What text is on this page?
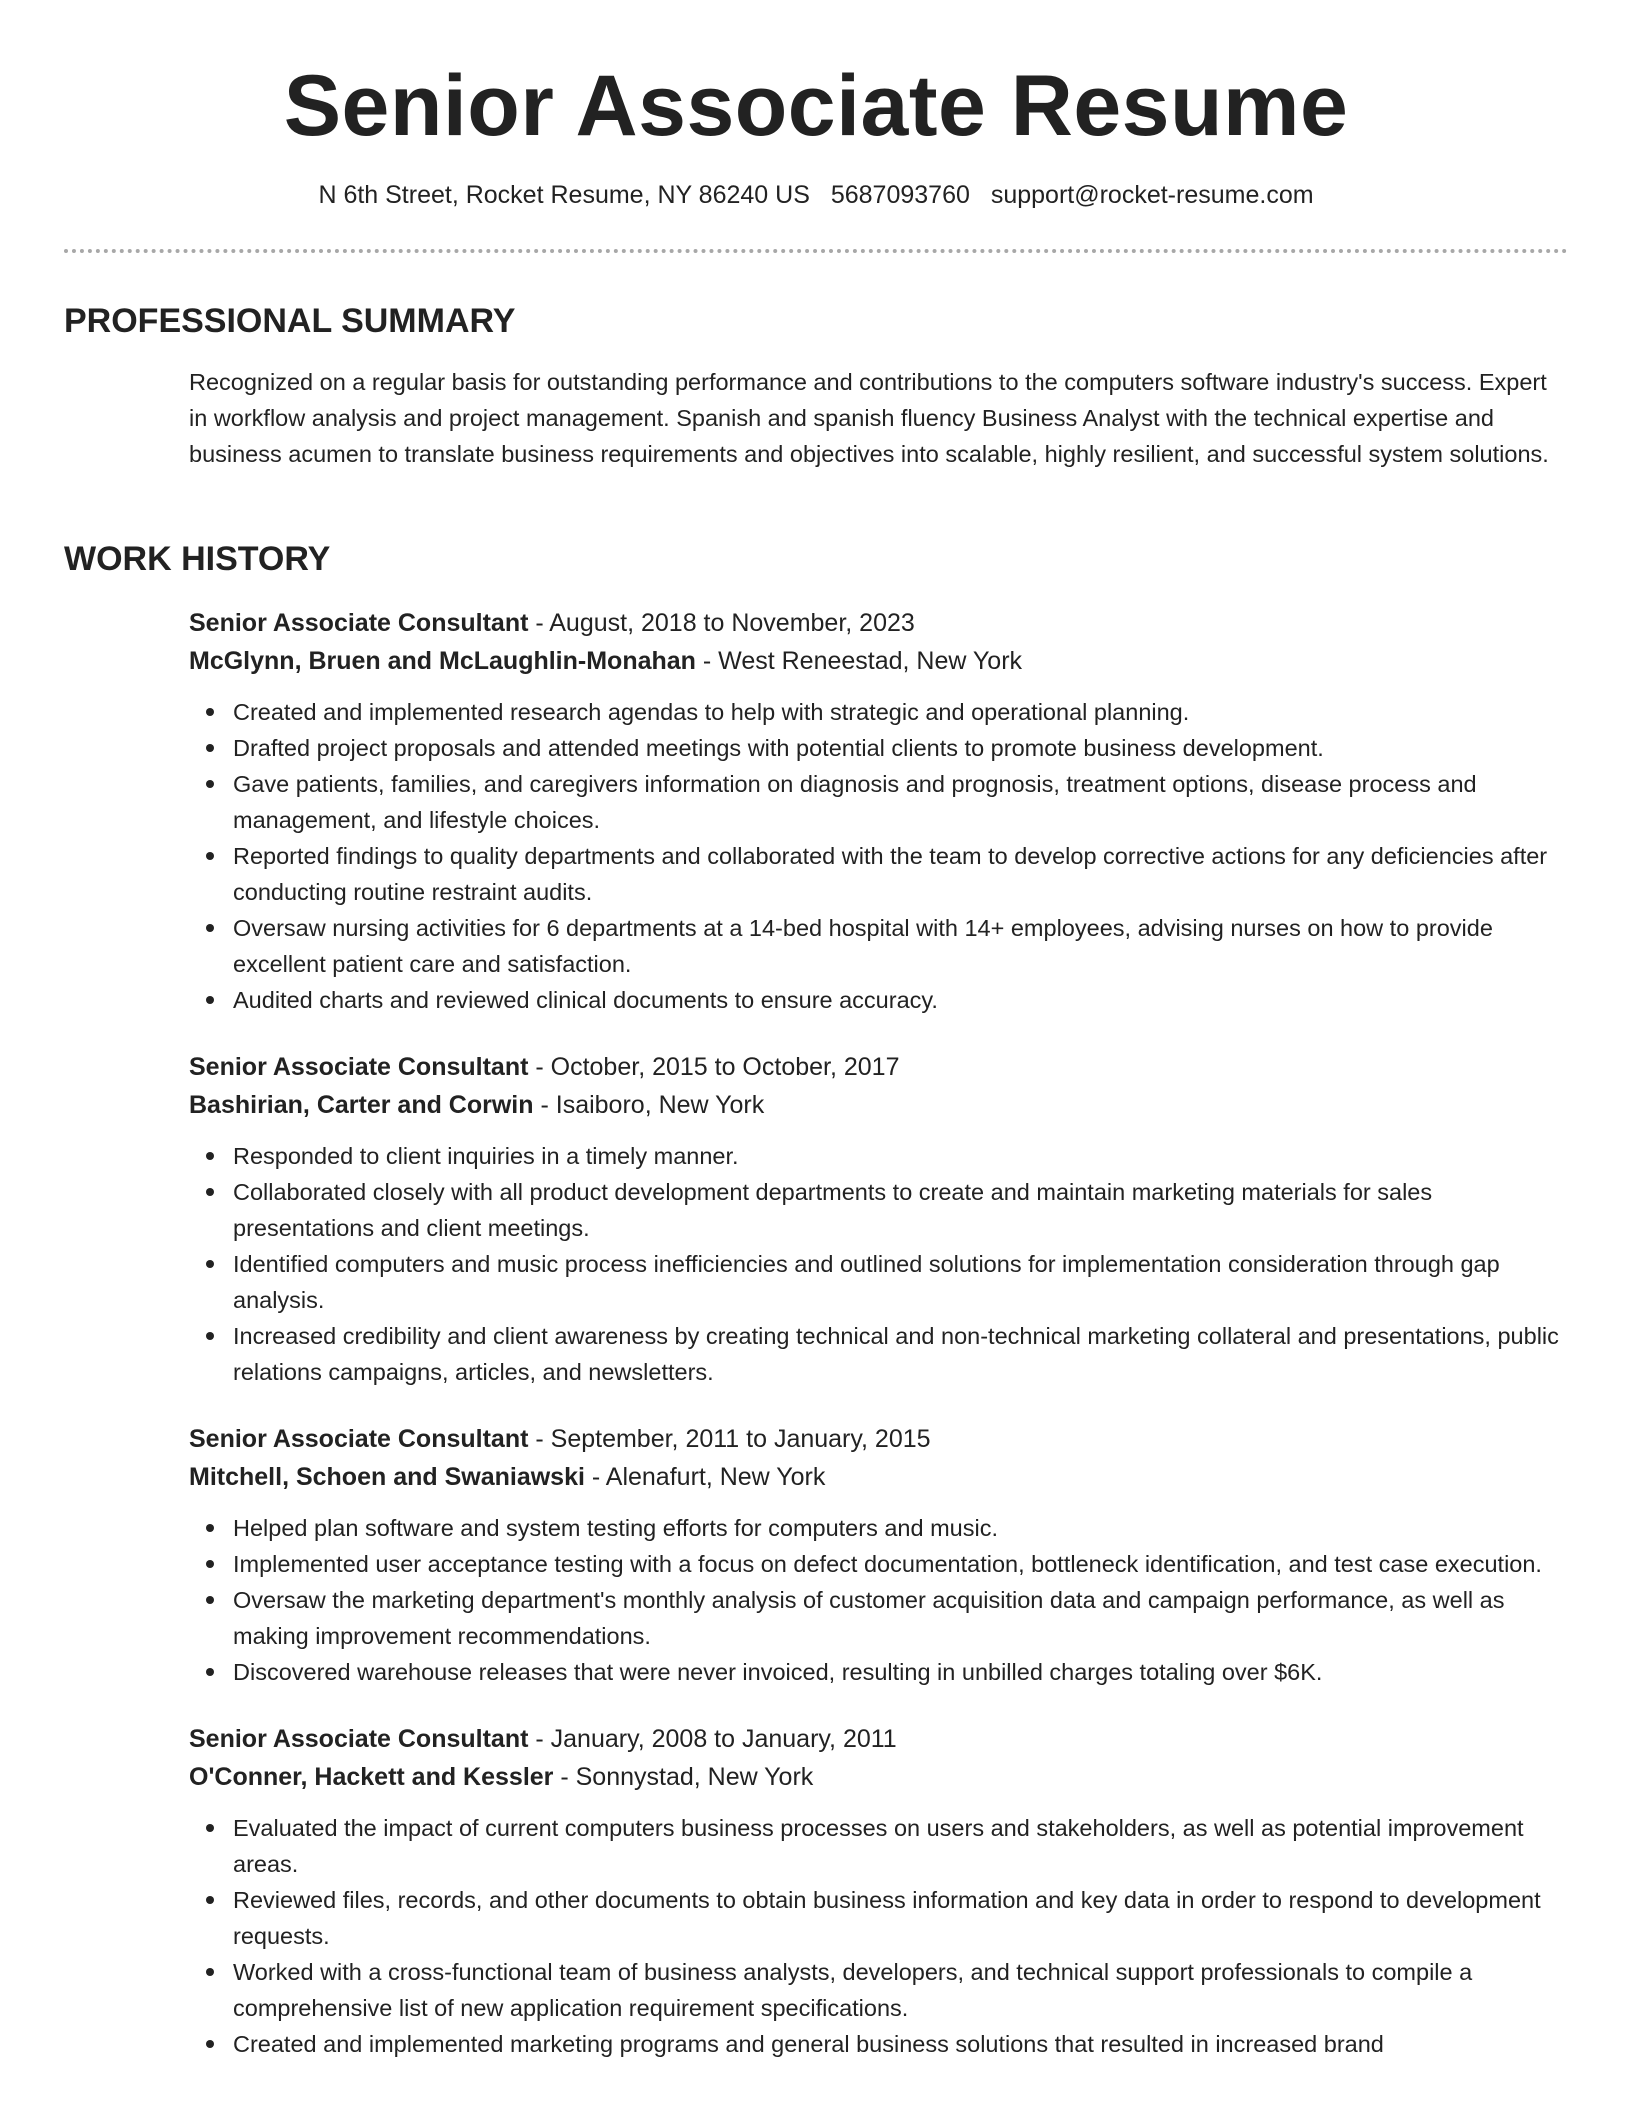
Senior Associate Resume
N 6th Street, Rocket Resume, NY 86240 US 5687093760 support@rocket-resume.com
PROFESSIONAL SUMMARY

Recognized on a regular basis for outstanding performance and contributions to the computers software industry's success. Expert in workflow analysis and project management. Spanish and spanish fluency Business Analyst with the technical expertise and business acumen to translate business requirements and objectives into scalable, highly resilient, and successful system solutions.

WORK HISTORY
Senior Associate Consultant - August, 2018 to November, 2023
McGlynn, Bruen and McLaughlin-Monahan - West Reneestad, New York
Created and implemented research agendas to help with strategic and operational planning.
Drafted project proposals and attended meetings with potential clients to promote business development.
Gave patients, families, and caregivers information on diagnosis and prognosis, treatment options, disease process and management, and lifestyle choices.
Reported findings to quality departments and collaborated with the team to develop corrective actions for any deficiencies after conducting routine restraint audits.
Oversaw nursing activities for 6 departments at a 14-bed hospital with 14+ employees, advising nurses on how to provide excellent patient care and satisfaction.
Audited charts and reviewed clinical documents to ensure accuracy.
Senior Associate Consultant - October, 2015 to October, 2017
Bashirian, Carter and Corwin - Isaiboro, New York
Responded to client inquiries in a timely manner.
Collaborated closely with all product development departments to create and maintain marketing materials for sales presentations and client meetings.
Identified computers and music process inefficiencies and outlined solutions for implementation consideration through gap analysis.
Increased credibility and client awareness by creating technical and non-technical marketing collateral and presentations, public relations campaigns, articles, and newsletters.
Senior Associate Consultant - September, 2011 to January, 2015
Mitchell, Schoen and Swaniawski - Alenafurt, New York
Helped plan software and system testing efforts for computers and music.
Implemented user acceptance testing with a focus on defect documentation, bottleneck identification, and test case execution.
Oversaw the marketing department's monthly analysis of customer acquisition data and campaign performance, as well as making improvement recommendations.
Discovered warehouse releases that were never invoiced, resulting in unbilled charges totaling over $6K.
Senior Associate Consultant - January, 2008 to January, 2011
O'Conner, Hackett and Kessler - Sonnystad, New York
Evaluated the impact of current computers business processes on users and stakeholders, as well as potential improvement areas.
Reviewed files, records, and other documents to obtain business information and key data in order to respond to development requests.
Worked with a cross-functional team of business analysts, developers, and technical support professionals to compile a comprehensive list of new application requirement specifications.
Created and implemented marketing programs and general business solutions that resulted in increased brand
